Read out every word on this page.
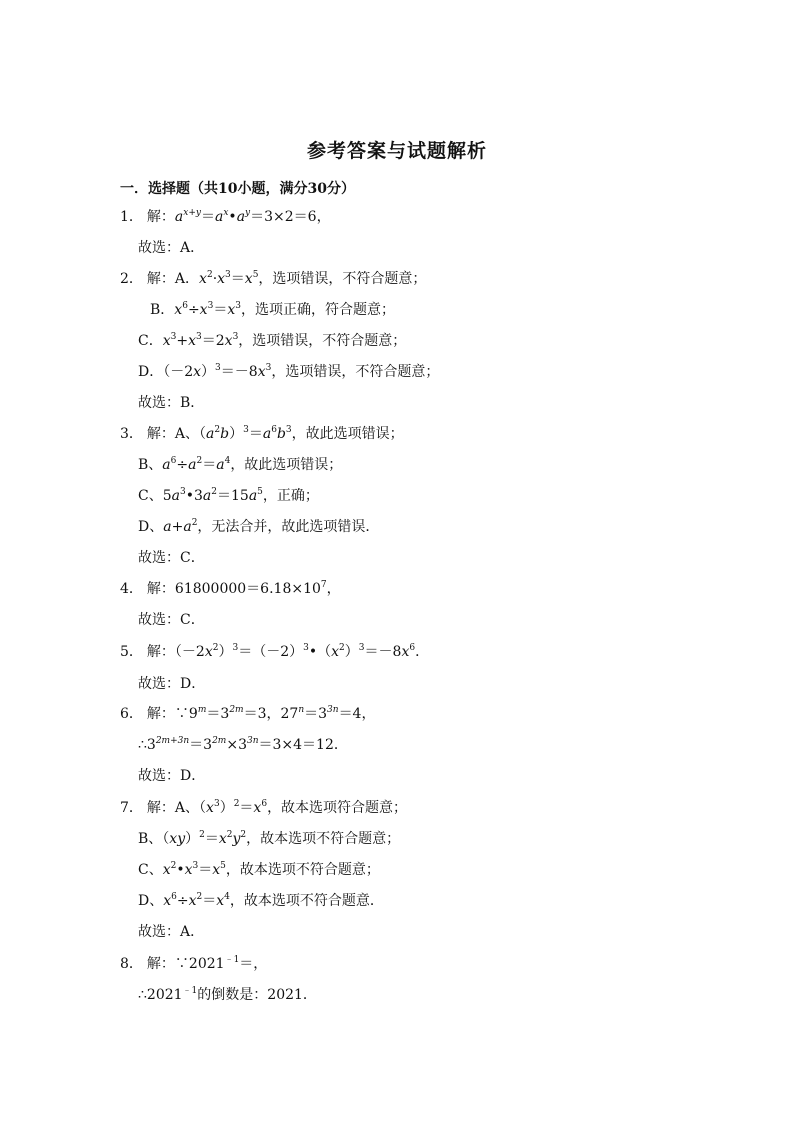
参考答案与试题解析
一．选择题（共10小题，满分30分）
1． 解：$a^{x+y}=a^x•a^y=3\times 2=6$，
故选：A．
2． 解：A．$x^2\cdot x^3=x^5$，选项错误，不符合题意；
B．$x^6\div x^3=x^3$，选项正确，符合题意；
C．$x^3+x^3=2x^3$，选项错误，不符合题意；
D．$(-2x)^3=-8x^3$，选项错误，不符合题意；
故选：B．
3． 解：A、$(a^2b)^3=a^6b^3$，故此选项错误；
B、$a^6\div a^2=a^4$，故此选项错误；
C、$5a^3•3a^2=15a^5$，正确；
D、$a+a^2$，无法合并，故此选项错误．
故选：C．
4． 解：$61800000=6.18\times 10^7$，
故选：C．
5． 解：$(-2x^2)^3=(-2)^3•(x^2)^3=-8x^6$．
故选：D．
6． 解：$\because 9^m=3^{2m}=3$，$27^n=3^{3n}=4$，
$\therefore 3^{2m+3n}=3^{2m}\times 3^{3n}=3\times 4=12$．
故选：D．
7． 解：A、$(x^3)^2=x^6$，故本选项符合题意；
B、$(xy)^2=x^2y^2$，故本选项不符合题意；
C、$x^2•x^3=x^5$，故本选项不符合题意；
D、$x^6\div x^2=x^4$，故本选项不符合题意．
故选：A．
8． 解：$\because 2021^{﹣1}=$，
$\therefore 2021^{﹣1}$的倒数是：2021．
